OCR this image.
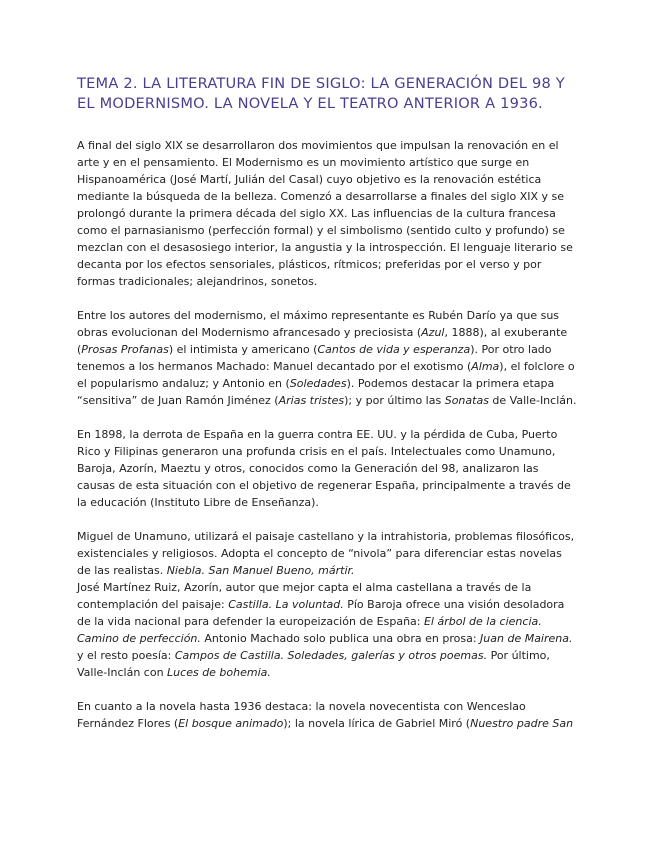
TEMA 2. LA LITERATURA FIN DE SIGLO: LA GENERACIÓN DEL 98 Y EL MODERNISMO. LA NOVELA Y EL TEATRO ANTERIOR A 1936.

A final del siglo XIX se desarrollaron dos movimientos que impulsan la renovación en el arte y en el pensamiento. El Modernismo es un movimiento artístico que surge en Hispanoamérica (José Martí, Julián del Casal) cuyo objetivo es la renovación estética mediante la búsqueda de la belleza. Comenzó a desarrollarse a finales del siglo XIX y se prolongó durante la primera década del siglo XX. Las influencias de la cultura francesa como el parnasianismo (perfección formal) y el simbolismo (sentido culto y profundo) se mezclan con el desasosiego interior, la angustia y la introspección. El lenguaje literario se decanta por los efectos sensoriales, plásticos, rítmicos; preferidas por el verso y por formas tradicionales; alejandrinos, sonetos.

Entre los autores del modernismo, el máximo representante es Rubén Darío ya que sus obras evolucionan del Modernismo afrancesado y preciosista (Azul, 1888), al exuberante (Prosas Profanas) el intimista y americano (Cantos de vida y esperanza). Por otro lado tenemos a los hermanos Machado: Manuel decantado por el exotismo (Alma), el folclore o el popularismo andaluz; y Antonio en (Soledades). Podemos destacar la primera etapa “sensitiva” de Juan Ramón Jiménez (Arias tristes); y por último las Sonatas de Valle-Inclán.

En 1898, la derrota de España en la guerra contra EE. UU. y la pérdida de Cuba, Puerto Rico y Filipinas generaron una profunda crisis en el país. Intelectuales como Unamuno, Baroja, Azorín, Maeztu y otros, conocidos como la Generación del 98, analizaron las causas de esta situación con el objetivo de regenerar España, principalmente a través de la educación (Instituto Libre de Enseñanza).

Miguel de Unamuno, utilizará el paisaje castellano y la intrahistoria, problemas filosóficos, existenciales y religiosos. Adopta el concepto de “nivola” para diferenciar estas novelas de las realistas. Niebla. San Manuel Bueno, mártir.
José Martínez Ruiz, Azorín, autor que mejor capta el alma castellana a través de la contemplación del paisaje: Castilla. La voluntad. Pío Baroja ofrece una visión desoladora de la vida nacional para defender la europeización de España: El árbol de la ciencia. Camino de perfección. Antonio Machado solo publica una obra en prosa: Juan de Mairena. y el resto poesía: Campos de Castilla. Soledades, galerías y otros poemas. Por último, Valle-Inclán con Luces de bohemia.

En cuanto a la novela hasta 1936 destaca: la novela novecentista con Wenceslao Fernández Flores (El bosque animado); la novela lírica de Gabriel Miró (Nuestro padre San
